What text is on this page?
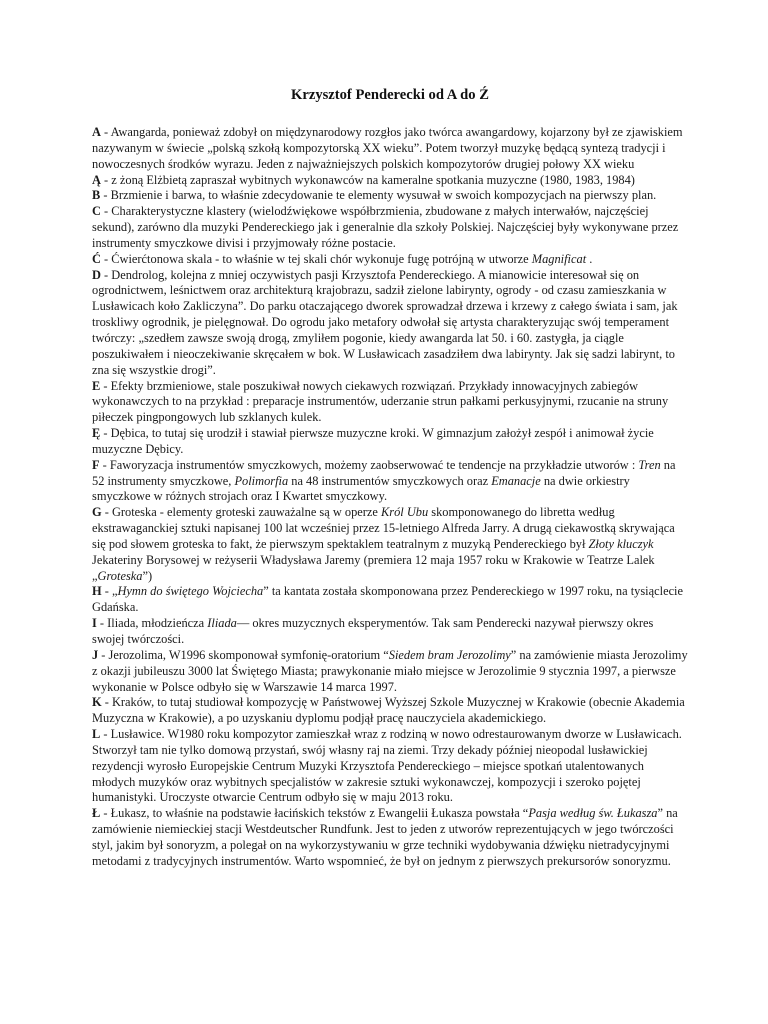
Krzysztof Penderecki od A do Ź

A - Awangarda, ponieważ zdobył on międzynarodowy rozgłos jako twórca awangardowy, kojarzony był ze zjawiskiem nazywanym w świecie „polską szkołą kompozytorską XX wieku”. Potem tworzył muzykę będącą syntezą tradycji i nowoczesnych środków wyrazu. Jeden z najważniejszych polskich kompozytorów drugiej połowy XX wieku

Ą - z żoną Elżbietą zapraszał wybitnych wykonawców na kameralne spotkania muzyczne (1980, 1983, 1984)

B - Brzmienie i barwa, to właśnie zdecydowanie te elementy wysuwał w swoich kompozycjach na pierwszy plan.

C - Charakterystyczne klastery (wielodźwiękowe współbrzmienia, zbudowane z małych interwałów, najczęściej sekund), zarówno dla muzyki Pendereckiego jak i generalnie dla szkoły Polskiej. Najczęściej były wykonywane przez instrumenty smyczkowe divisi i przyjmowały różne postacie.

Ć - Ćwierćtonowa skala - to właśnie w tej skali chór wykonuje fugę potrójną w utworze Magnificat .

D - Dendrolog, kolejna z mniej oczywistych pasji Krzysztofa Pendereckiego. A mianowicie interesował się on ogrodnictwem, leśnictwem oraz architekturą krajobrazu, sadził zielone labirynty, ogrody - od czasu zamieszkania w Lusławicach koło Zakliczyna”. Do parku otaczającego dworek sprowadzał drzewa i krzewy z całego świata i sam, jak troskliwy ogrodnik, je pielęgnował. Do ogrodu jako metafory odwołał się artysta charakteryzując swój temperament twórczy: „szedłem zawsze swoją drogą, zmyliłem pogonie, kiedy awangarda lat 50. i 60. zastygła, ja ciągle poszukiwałem i nieoczekiwanie skręcałem w bok. W Lusławicach zasadziłem dwa labirynty. Jak się sadzi labirynt, to zna się wszystkie drogi”.

E - Efekty brzmieniowe, stale poszukiwał nowych ciekawych rozwiązań. Przykłady innowacyjnych zabiegów wykonawczych to na przykład : preparacje instrumentów, uderzanie strun pałkami perkusyjnymi, rzucanie na struny piłeczek pingpongowych lub szklanych kulek.

Ę - Dębica, to tutaj się urodził i stawiał pierwsze muzyczne kroki. W gimnazjum założył zespół i animował życie muzyczne Dębicy.

F - Faworyzacja instrumentów smyczkowych, możemy zaobserwować te tendencje na przykładzie utworów : Tren na 52 instrumenty smyczkowe, Polimorfia na 48 instrumentów smyczkowych oraz Emanacje na dwie orkiestry smyczkowe w różnych strojach oraz I Kwartet smyczkowy.

G - Groteska - elementy groteski zauważalne są w operze Król Ubu skomponowanego do libretta według ekstrawaganckiej sztuki napisanej 100 lat wcześniej przez 15-letniego Alfreda Jarry. A drugą ciekawostką skrywająca się pod słowem groteska to fakt, że pierwszym spektaklem teatralnym z muzyką Pendereckiego był Złoty kluczyk Jekateriny Borysowej w reżyserii Władysława Jaremy (premiera 12 maja 1957 roku w Krakowie w Teatrze Lalek „Groteska”)

H - „Hymn do świętego Wojciecha” ta kantata została skomponowana przez Pendereckiego w 1997 roku, na tysiąclecie Gdańska.

I - Iliada, młodzieńcza Iliada— okres muzycznych eksperymentów. Tak sam Penderecki nazywał pierwszy okres swojej twórczości.

J - Jerozolima, W1996 skomponował symfonię-oratorium “Siedem bram Jerozolimy” na zamówienie miasta Jerozolimy z okazji jubileuszu 3000 lat Świętego Miasta; prawykonanie miało miejsce w Jerozolimie 9 stycznia 1997, a pierwsze wykonanie w Polsce odbyło się w Warszawie 14 marca 1997.

K - Kraków, to tutaj studiował kompozycję w Państwowej Wyższej Szkole Muzycznej w Krakowie (obecnie Akademia Muzyczna w Krakowie), a po uzyskaniu dyplomu podjął pracę nauczyciela akademickiego.

L - Lusławice. W1980 roku kompozytor zamieszkał wraz z rodziną w nowo odrestaurowanym dworze w Lusławicach. Stworzył tam nie tylko domową przystań, swój własny raj na ziemi. Trzy dekady później nieopodal lusławickiej rezydencji wyrosło Europejskie Centrum Muzyki Krzysztofa Pendereckiego – miejsce spotkań utalentowanych młodych muzyków oraz wybitnych specjalistów w zakresie sztuki wykonawczej, kompozycji i szeroko pojętej humanistyki. Uroczyste otwarcie Centrum odbyło się w maju 2013 roku.

Ł - Łukasz, to właśnie na podstawie łacińskich tekstów z Ewangelii Łukasza powstała “Pasja według św. Łukasza” na zamówienie niemieckiej stacji Westdeutscher Rundfunk. Jest to jeden z utworów reprezentujących w jego twórczości styl, jakim był sonoryzm, a polegał on na wykorzystywaniu w grze techniki wydobywania dźwięku nietradycyjnymi metodami z tradycyjnych instrumentów. Warto wspomnieć, że był on jednym z pierwszych prekursorów sonoryzmu.
